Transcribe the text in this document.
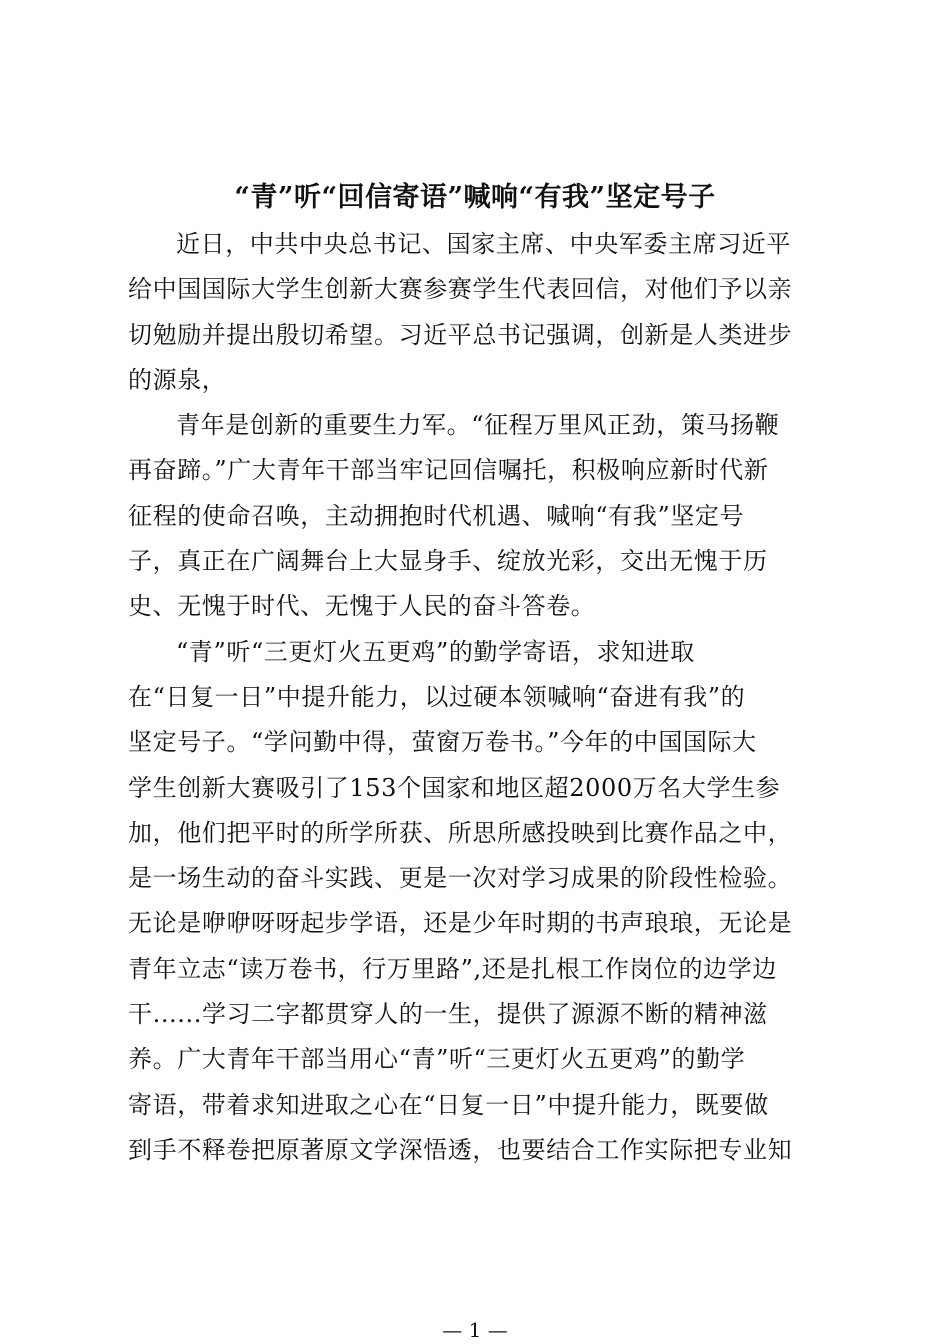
“青”听“回信寄语”喊响“有我”坚定号子
近日，中共中央总书记、国家主席、中央军委主席习近平
给中国国际大学生创新大赛参赛学生代表回信，对他们予以亲
切勉励并提出殷切希望。习近平总书记强调，创新是人类进步
的源泉，
青年是创新的重要生力军。“征程万里风正劲，策马扬鞭
再奋蹄。”广大青年干部当牢记回信嘱托，积极响应新时代新
征程的使命召唤，主动拥抱时代机遇、喊响“有我”坚定号
子，真正在广阔舞台上大显身手、绽放光彩，交出无愧于历
史、无愧于时代、无愧于人民的奋斗答卷。
“青”听“三更灯火五更鸡”的勤学寄语，求知进取
在“日复一日”中提升能力，以过硬本领喊响“奋进有我”的
坚定号子。“学问勤中得，萤窗万卷书。”今年的中国国际大
学生创新大赛吸引了153个国家和地区超2000万名大学生参
加，他们把平时的所学所获、所思所感投映到比赛作品之中，
是一场生动的奋斗实践、更是一次对学习成果的阶段性检验。
无论是咿咿呀呀起步学语，还是少年时期的书声琅琅，无论是
青年立志“读万卷书，行万里路”,还是扎根工作岗位的边学边
干......学习二字都贯穿人的一生，提供了源源不断的精神滋
养。广大青年干部当用心“青”听“三更灯火五更鸡”的勤学
寄语，带着求知进取之心在“日复一日”中提升能力，既要做
到手不释卷把原著原文学深悟透，也要结合工作实际把专业知
— 1 —
